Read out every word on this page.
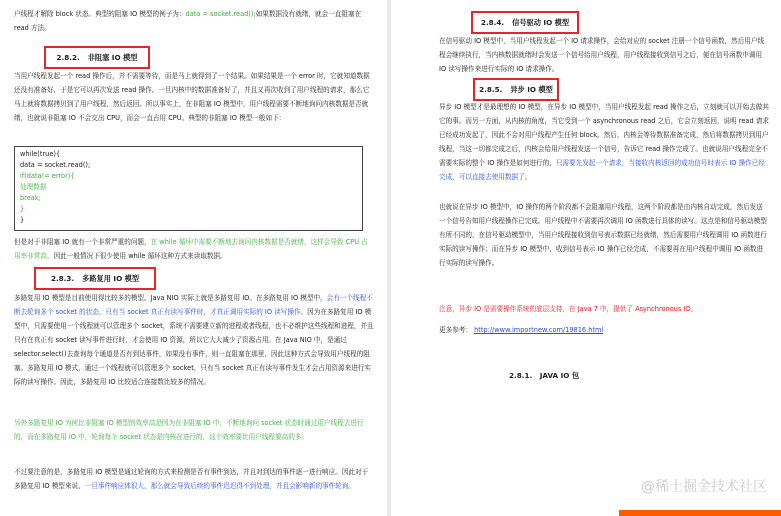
户线程才解除 block 状态。典型的阻塞 IO 模型的例子为：data = socket.read();如果数据没有就绪，就会一直阻塞在 read 方法。

2.8.2. 非阻塞 IO 模型

当用户线程发起一个 read 操作后，并不需要等待，而是马上就得到了一个结果。如果结果是一个 error 时，它就知道数据还没有准备好，于是它可以再次发送 read 操作。一旦内核中的数据准备好了，并且又再次收到了用户线程的请求，那么它马上就将数据拷贝到了用户线程，然后返回。所以事实上，在非阻塞 IO 模型中，用户线程需要不断地询问内核数据是否就绪，也就说非阻塞 IO 不会交出 CPU，而会一直占用 CPU。典型的非阻塞 IO 模型一般如下：

while(true){
data = socket.read();
if(data!= error){
处理数据
break;
}
}

但是对于非阻塞 IO 就有一个非常严重的问题，在 while 循环中需要不断地去询问内核数据是否就绪，这样会导致 CPU 占用率非常高，因此一般情况下很少使用 while 循环这种方式来读取数据。

2.8.3. 多路复用 IO 模型

多路复用 IO 模型是目前使用得比较多的模型。Java NIO 实际上就是多路复用 IO。在多路复用 IO 模型中，会有一个线程不断去轮询多个 socket 的状态，只有当 socket 真正有读写事件时，才真正调用实际的 IO 读写操作。因为在多路复用 IO 模型中，只需要使用一个线程就可以管理多个 socket，系统不需要建立新的进程或者线程，也不必维护这些线程和进程，并且只有在真正有 socket 读写事件进行时，才会使用 IO 资源，所以它大大减少了资源占用。在 Java NIO 中，是通过 selector.select()去查询每个通道是否有到达事件，如果没有事件，则一直阻塞在那里，因此这种方式会导致用户线程的阻塞。多路复用 IO 模式，通过一个线程就可以管理多个 socket，只有当 socket 真正有读写事件发生才会占用资源来进行实际的读写操作。因此，多路复用 IO 比较适合连接数比较多的情况。

另外多路复用 IO 为何比非阻塞 IO 模型的效率高是因为在非阻塞 IO 中，不断地询问 socket 状态时通过用户线程去进行的，而在多路复用 IO 中，轮询每个 socket 状态是内核在进行的，这个效率要比用户线程要高的多。

不过要注意的是，多路复用 IO 模型是通过轮询的方式来检测是否有事件到达，并且对到达的事件逐一进行响应。因此对于多路复用 IO 模型来说，一旦事件响应体很大，那么就会导致后续的事件迟迟得不到处理，并且会影响新的事件轮询。

2.8.4. 信号驱动 IO 模型

在信号驱动 IO 模型中，当用户线程发起一个 IO 请求操作，会给对应的 socket 注册一个信号函数，然后用户线程会继续执行，当内核数据就绪时会发送一个信号给用户线程，用户线程接收到信号之后，便在信号函数中调用 IO 读写操作来进行实际的 IO 请求操作。

2.8.5. 异步 IO 模型

异步 IO 模型才是最理想的 IO 模型，在异步 IO 模型中，当用户线程发起 read 操作之后，立刻就可以开始去做其它的事。而另一方面，从内核的角度，当它受到一个 asynchronous read 之后，它会立刻返回，说明 read 请求已经成功发起了，因此不会对用户线程产生任何 block。然后，内核会等待数据准备完成，然后将数据拷贝到用户线程，当这一切都完成之后，内核会给用户线程发送一个信号，告诉它 read 操作完成了。也就说用户线程完全不需要实际的整个 IO 操作是如何进行的，只需要先发起一个请求，当接收内核返回的成功信号时表示 IO 操作已经完成，可以直接去使用数据了。

也就说在异步 IO 模型中，IO 操作的两个阶段都不会阻塞用户线程，这两个阶段都是由内核自动完成，然后发送一个信号告知用户线程操作已完成。用户线程中不需要再次调用 IO 函数进行具体的读写。这点是和信号驱动模型有所不同的，在信号驱动模型中，当用户线程接收到信号表示数据已经就绪，然后需要用户线程调用 IO 函数进行实际的读写操作；而在异步 IO 模型中，收到信号表示 IO 操作已经完成，不需要再在用户线程中调用 IO 函数进行实际的读写操作。

注意，异步 IO 是需要操作系统的底层支持，在 Java 7 中，提供了 Asynchronous IO。

更多参考： http://www.importnew.com/19816.html

2.8.1. JAVA IO 包
@稀土掘金技术社区
